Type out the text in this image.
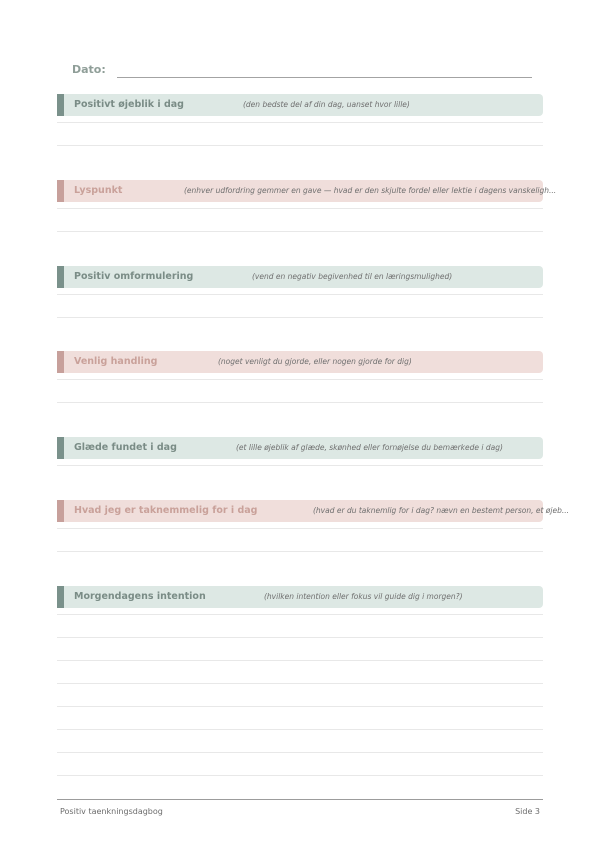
Dato:
Positivt øjeblik i dag	(den bedste del af din dag, uanset hvor lille)
Lyspunkt	(enhver udfordring gemmer en gave — hvad er den skjulte fordel eller lektie i dagens vanskeligh...
Positiv omformulering	(vend en negativ begivenhed til en læringsmulighed)
Venlig handling	(noget venligt du gjorde, eller nogen gjorde for dig)
Glæde fundet i dag	(et lille øjeblik af glæde, skønhed eller fornøjelse du bemærkede i dag)
Hvad jeg er taknemmelig for i dag	(hvad er du taknemlig for i dag? nævn en bestemt person, et øjeb...
Morgendagens intention	(hvilken intention eller fokus vil guide dig i morgen?)
Positiv taenkningsdagbog	Side 3
